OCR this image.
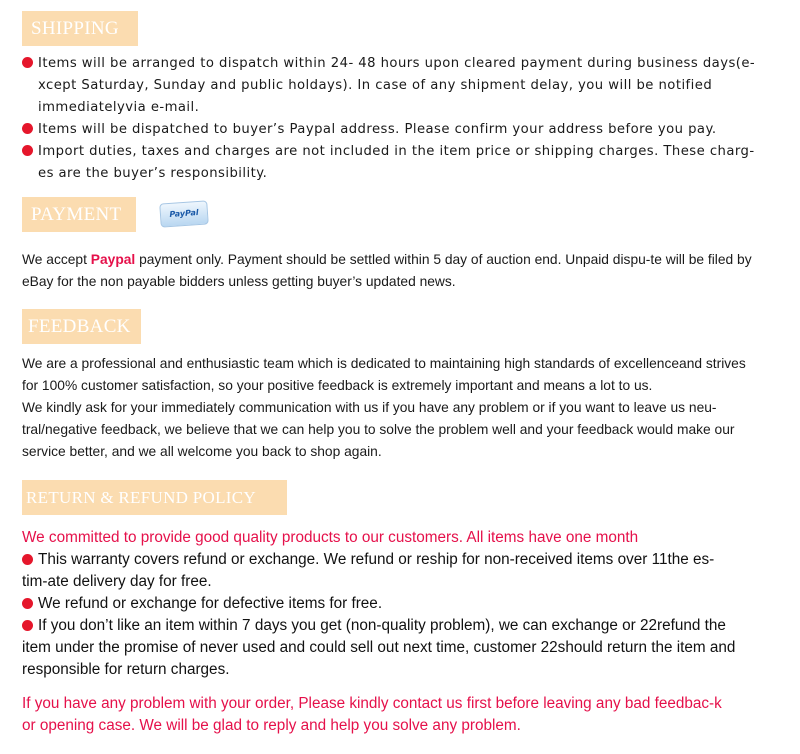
SHIPPING
Items will be arranged to dispatch within 24- 48 hours upon cleared payment during business days(e-
xcept Saturday, Sunday and public holdays). In case of any shipment delay, you will be notified
immediatelyvia e-mail.
Items will be dispatched to buyer’s Paypal address. Please confirm your address before you pay.
Import duties, taxes and charges are not included in the item price or shipping charges. These charg-
es are the buyer’s responsibility.
PAYMENT	PayPal
We accept Paypal payment only. Payment should be settled within 5 day of auction end. Unpaid dispu-te will be filed by
eBay for the non payable bidders unless getting buyer’s updated news.
FEEDBACK
We are a professional and enthusiastic team which is dedicated to maintaining high standards of excellenceand strives
for 100% customer satisfaction, so your positive feedback is extremely important and means a lot to us.
We kindly ask for your immediately communication with us if you have any problem or if you want to leave us neu-
tral/negative feedback, we believe that we can help you to solve the problem well and your feedback would make our
service better, and we all welcome you back to shop again.
RETURN & REFUND POLICY
We committed to provide good quality products to our customers. All items have one month
This warranty covers refund or exchange. We refund or reship for non-received items over 11the es-
tim-ate delivery day for free.
We refund or exchange for defective items for free.
If you don’t like an item within 7 days you get (non-quality problem), we can exchange or 22refund the
item under the promise of never used and could sell out next time, customer 22should return the item and
responsible for return charges.
If you have any problem with your order, Please kindly contact us first before leaving any bad feedbac-k
or opening case. We will be glad to reply and help you solve any problem.
